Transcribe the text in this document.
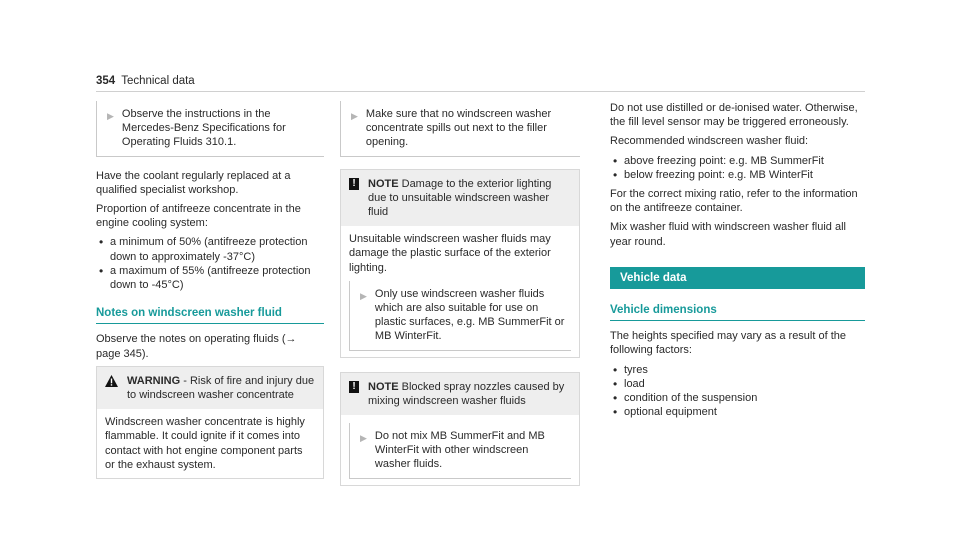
354 Technical data
▶ Observe the instructions in the Mercedes-Benz Specifications for Operating Fluids 310.1.

Have the coolant regularly replaced at a qualified specialist workshop.

Proportion of antifreeze concentrate in the engine cooling system:

• a minimum of 50% (antifreeze protection down to approximately -37°C)
• a maximum of 55% (antifreeze protection down to -45°C)
Notes on windscreen washer fluid

Observe the notes on operating fluids (→ page 345).

WARNING - Risk of fire and injury due to windscreen washer concentrate
Windscreen washer concentrate is highly flammable. It could ignite if it comes into contact with hot engine component parts or the exhaust system.
▶ Make sure that no windscreen washer concentrate spills out next to the filler opening.
!	NOTE Damage to the exterior lighting due to unsuitable windscreen washer fluid
Unsuitable windscreen washer fluids may damage the plastic surface of the exterior lighting.
▶ Only use windscreen washer fluids which are also suitable for use on plastic surfaces, e.g. MB SummerFit or MB WinterFit.
!	NOTE Blocked spray nozzles caused by mixing windscreen washer fluids
▶ Do not mix MB SummerFit and MB WinterFit with other windscreen washer fluids.

Do not use distilled or de-ionised water. Otherwise, the fill level sensor may be triggered erroneously.

Recommended windscreen washer fluid:

• above freezing point: e.g. MB SummerFit
• below freezing point: e.g. MB WinterFit

For the correct mixing ratio, refer to the information on the antifreeze container.

Mix washer fluid with windscreen washer fluid all year round.

Vehicle data
Vehicle dimensions

The heights specified may vary as a result of the following factors:

• tyres
• load
• condition of the suspension
• optional equipment
